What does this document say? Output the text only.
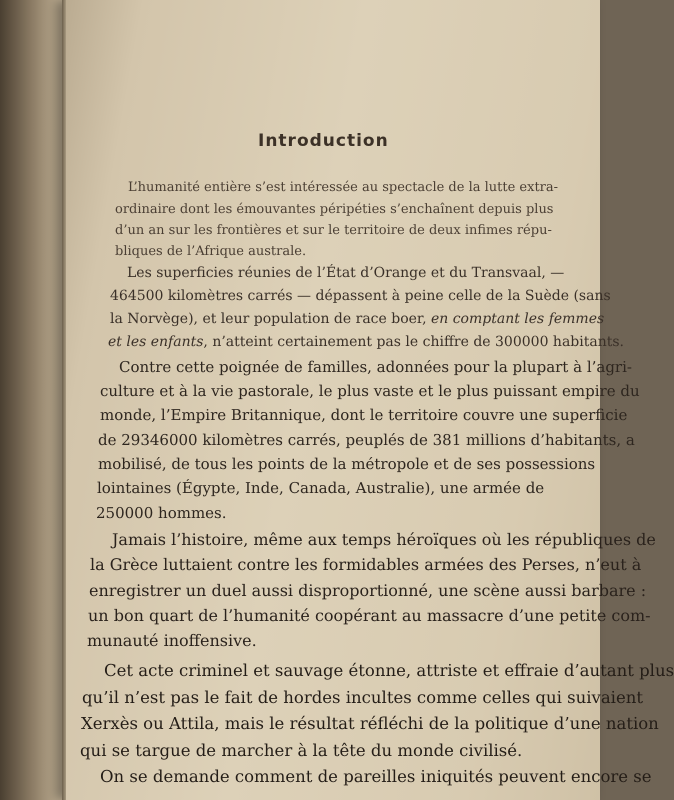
Introduction
L’humanité entière s’est intéressée au spectacle de la lutte extra-
ordinaire dont les émouvantes péripéties s’enchaînent depuis plus
d’un an sur les frontières et sur le territoire de deux infimes répu-
bliques de l’Afrique australe.
Les superficies réunies de l’État d’Orange et du Transvaal, —
464500 kilomètres carrés — dépassent à peine celle de la Suède (sans
la Norvège), et leur population de race boer, en comptant les femmes
et les enfants, n’atteint certainement pas le chiffre de 300000 habitants.
Contre cette poignée de familles, adonnées pour la plupart à l’agri-
culture et à la vie pastorale, le plus vaste et le plus puissant empire du
monde, l’Empire Britannique, dont le territoire couvre une superficie
de 29346000 kilomètres carrés, peuplés de 381 millions d’habitants, a
mobilisé, de tous les points de la métropole et de ses possessions
lointaines (Égypte, Inde, Canada, Australie), une armée de
250000 hommes.
Jamais l’histoire, même aux temps héroïques où les républiques de
la Grèce luttaient contre les formidables armées des Perses, n’eut à
enregistrer un duel aussi disproportionné, une scène aussi barbare :
un bon quart de l’humanité coopérant au massacre d’une petite com-
munauté inoffensive.
Cet acte criminel et sauvage étonne, attriste et effraie d’autant plus
qu’il n’est pas le fait de hordes incultes comme celles qui suivaient
Xerxès ou Attila, mais le résultat réfléchi de la politique d’une nation
qui se targue de marcher à la tête du monde civilisé.
On se demande comment de pareilles iniquités peuvent encore se
